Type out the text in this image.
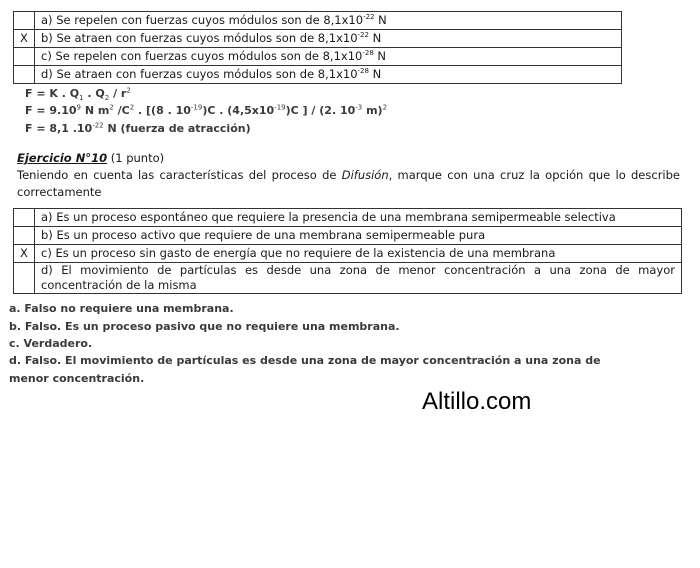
	a) Se repelen con fuerzas cuyos módulos son de $8,1x10^{-22}$ N
X	b) Se atraen con fuerzas cuyos módulos son de $8,1x10^{-22}$ N
	c) Se repelen con fuerzas cuyos módulos son de $8,1x10^{-28}$ N
	d) Se atraen con fuerzas cuyos módulos son de $8,1x10^{-28}$ N
F = K . $Q_1$ . $Q_2 / r^2$
$F = 9.10^9$ N $m^2$ $/C^2$ . [(8 . $10^{-19})C$ . $(4,5x10^{-19})C$ ] / (2. $10^{-3}$ m)$^2$
F = 8,1 $.10^{-22}$ N (fuerza de atracción)
Ejercicio N°10 (1 punto)
Teniendo en cuenta las características del proceso de Difusión, marque con una cruz la opción que lo describe correctamente
	a) Es un proceso espontáneo que requiere la presencia de una membrana semipermeable selectiva
	b) Es un proceso activo que requiere de una membrana semipermeable pura
X	c) Es un proceso sin gasto de energía que no requiere de la existencia de una membrana
	d) El movimiento de partículas es desde una zona de menor concentración a una zona de mayor
concentración de la misma
a. Falso no requiere una membrana.
b. Falso. Es un proceso pasivo que no requiere una membrana.
c. Verdadero.
d. Falso. El movimiento de partículas es desde una zona de mayor concentración a una zona de menor concentración.
Altillo.com
